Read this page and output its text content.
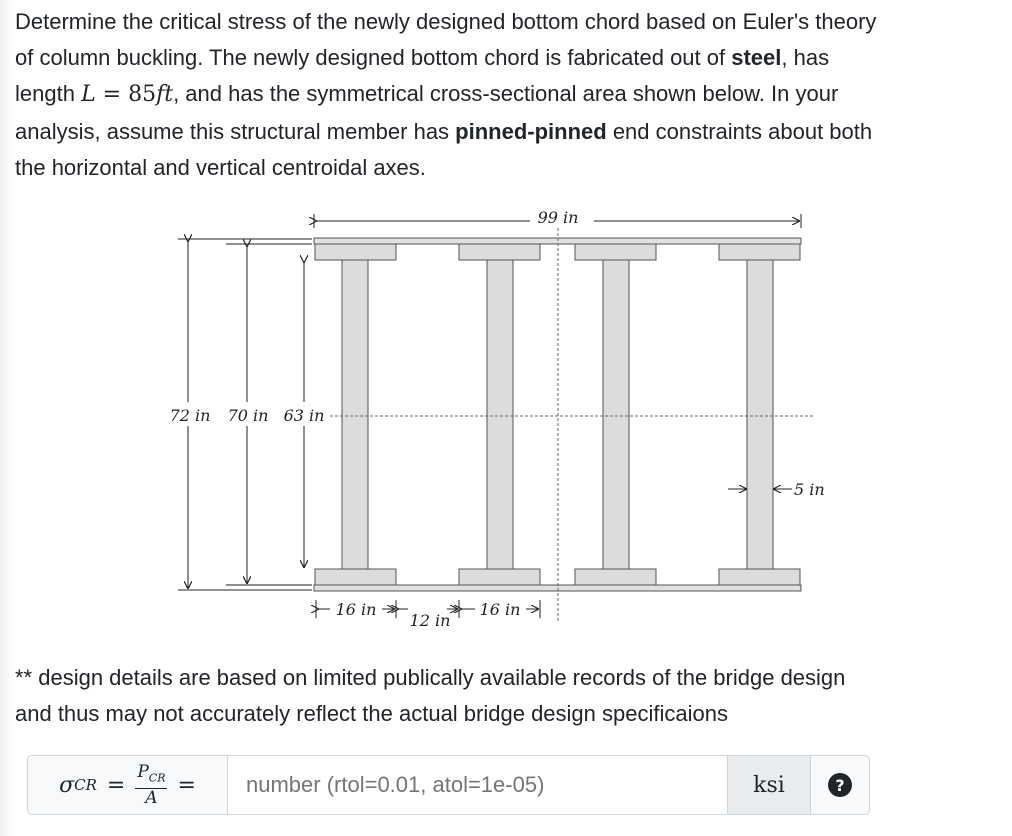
Determine the critical stress of the newly designed bottom chord based on Euler's theory
of column buckling. The newly designed bottom chord is fabricated out of steel, has
length L = 85ft, and has the symmetrical cross-sectional area shown below. In your
analysis, assume this structural member has pinned-pinned end constraints about both
the horizontal and vertical centroidal axes.
99 in
72 in 70 in 63 in
5 in
16 in
12 in
16 in
** design details are based on limited publically available records of the bridge design
and thus may not accurately reflect the actual bridge design specificaions
σ CR = $\frac{P_{CR}}{A}$ =
number (rtol=0.01, atol=1e-05)	ksi	?
